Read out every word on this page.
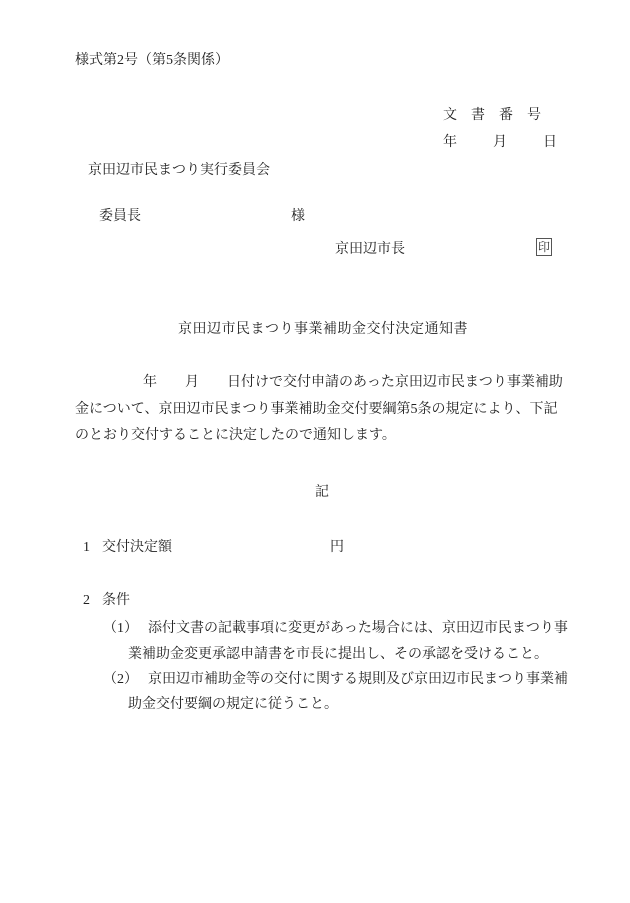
様式第2号（第5条関係）
文　書　番　号
年　　　月　　　日
京田辺市民まつり実行委員会

委員長	様

京田辺市長	印
京田辺市民まつり事業補助金交付決定通知書
年　　月　　日付けで交付申請のあった京田辺市民まつり事業補助
金について、京田辺市民まつり事業補助金交付要綱第5条の規定により、下記
のとおり交付することに決定したので通知します。
記
1 交付決定額	円
2 条件
（1） 添付文書の記載事項に変更があった場合には、京田辺市民まつり事
業補助金変更承認申請書を市長に提出し、その承認を受けること。
（2） 京田辺市補助金等の交付に関する規則及び京田辺市民まつり事業補
助金交付要綱の規定に従うこと。
